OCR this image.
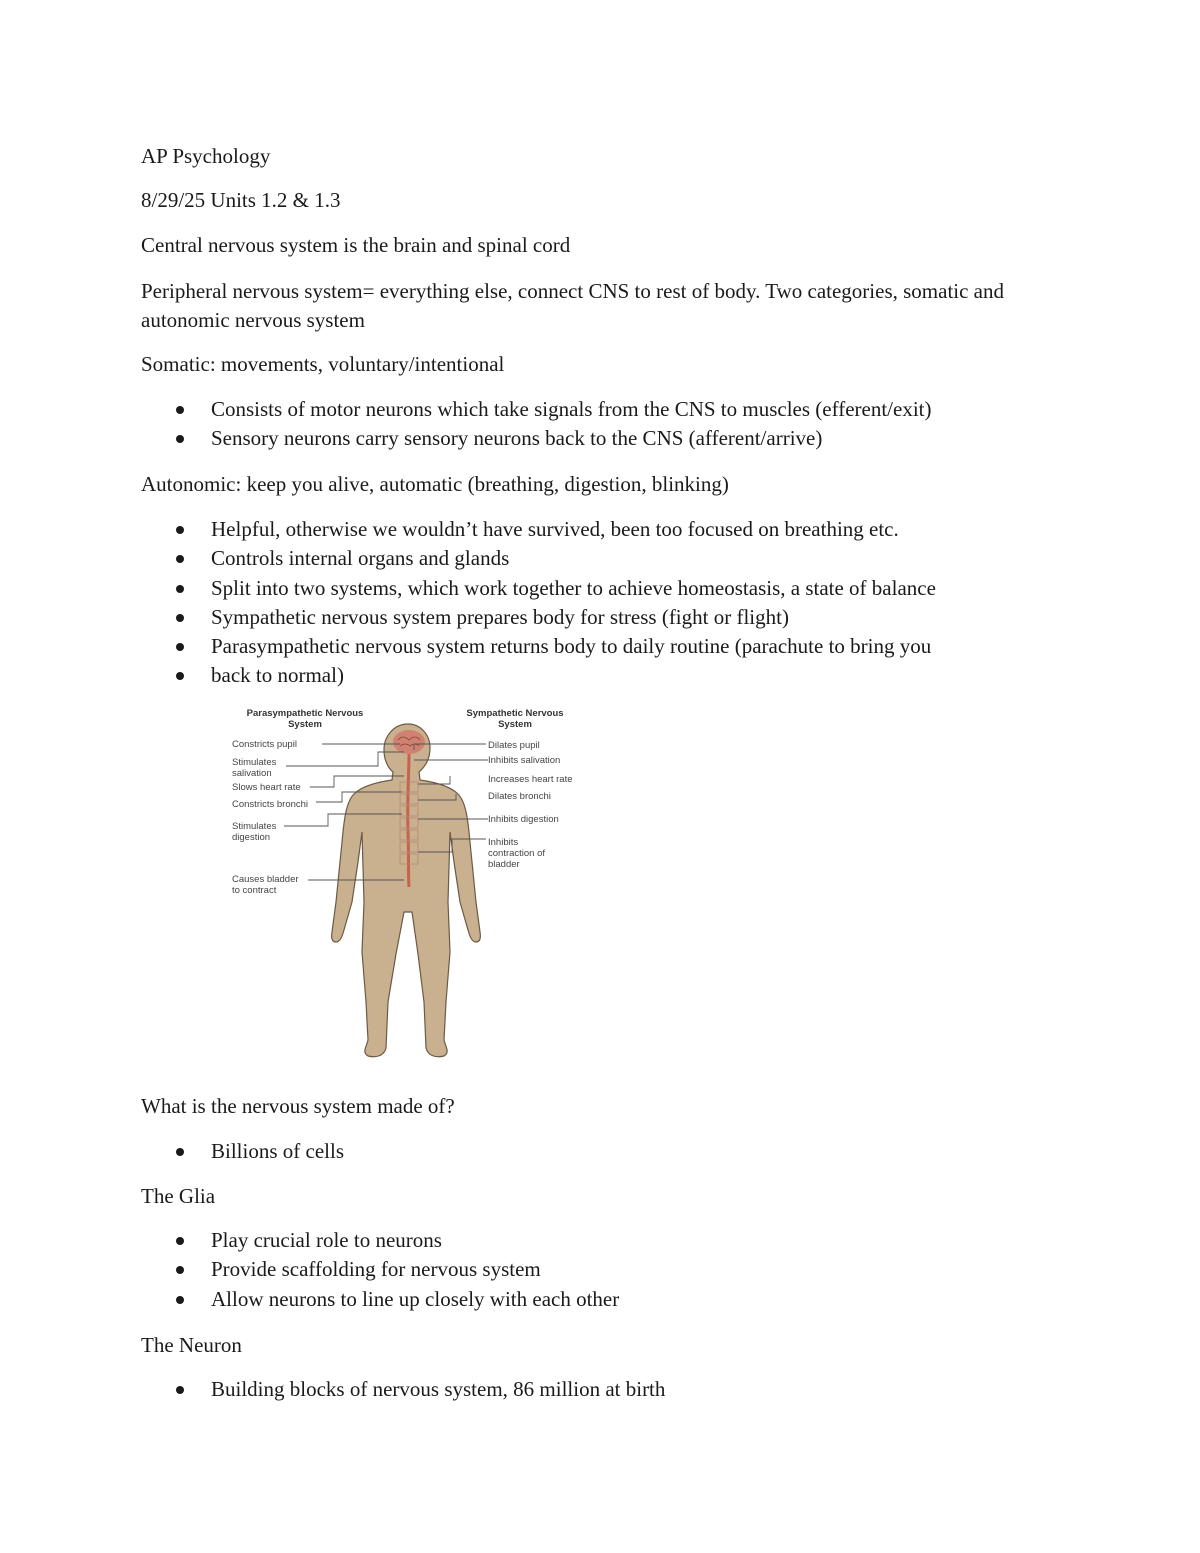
AP Psychology

8/29/25 Units 1.2 & 1.3

Central nervous system is the brain and spinal cord

Peripheral nervous system= everything else, connect CNS to rest of body. Two categories, somatic and autonomic nervous system

Somatic: movements, voluntary/intentional

Consists of motor neurons which take signals from the CNS to muscles (efferent/exit)
Sensory neurons carry sensory neurons back to the CNS (afferent/arrive)

Autonomic: keep you alive, automatic (breathing, digestion, blinking)

Helpful, otherwise we wouldn’t have survived, been too focused on breathing etc.
Controls internal organs and glands
Split into two systems, which work together to achieve homeostasis, a state of balance
Sympathetic nervous system prepares body for stress (fight or flight)
Parasympathetic nervous system returns body to daily routine (parachute to bring you
back to normal)
Parasympathetic Nervous
System
Sympathetic Nervous
System
Constricts pupil
Stimulates
salivation
Slows heart rate
Constricts bronchi
Stimulates
digestion
Causes bladder
to contract
Dilates pupil
Inhibits salivation
Increases heart rate
Dilates bronchi
Inhibits digestion
Inhibits
contraction of
bladder

What is the nervous system made of?

Billions of cells

The Glia

Play crucial role to neurons
Provide scaffolding for nervous system
Allow neurons to line up closely with each other

The Neuron

Building blocks of nervous system, 86 million at birth
